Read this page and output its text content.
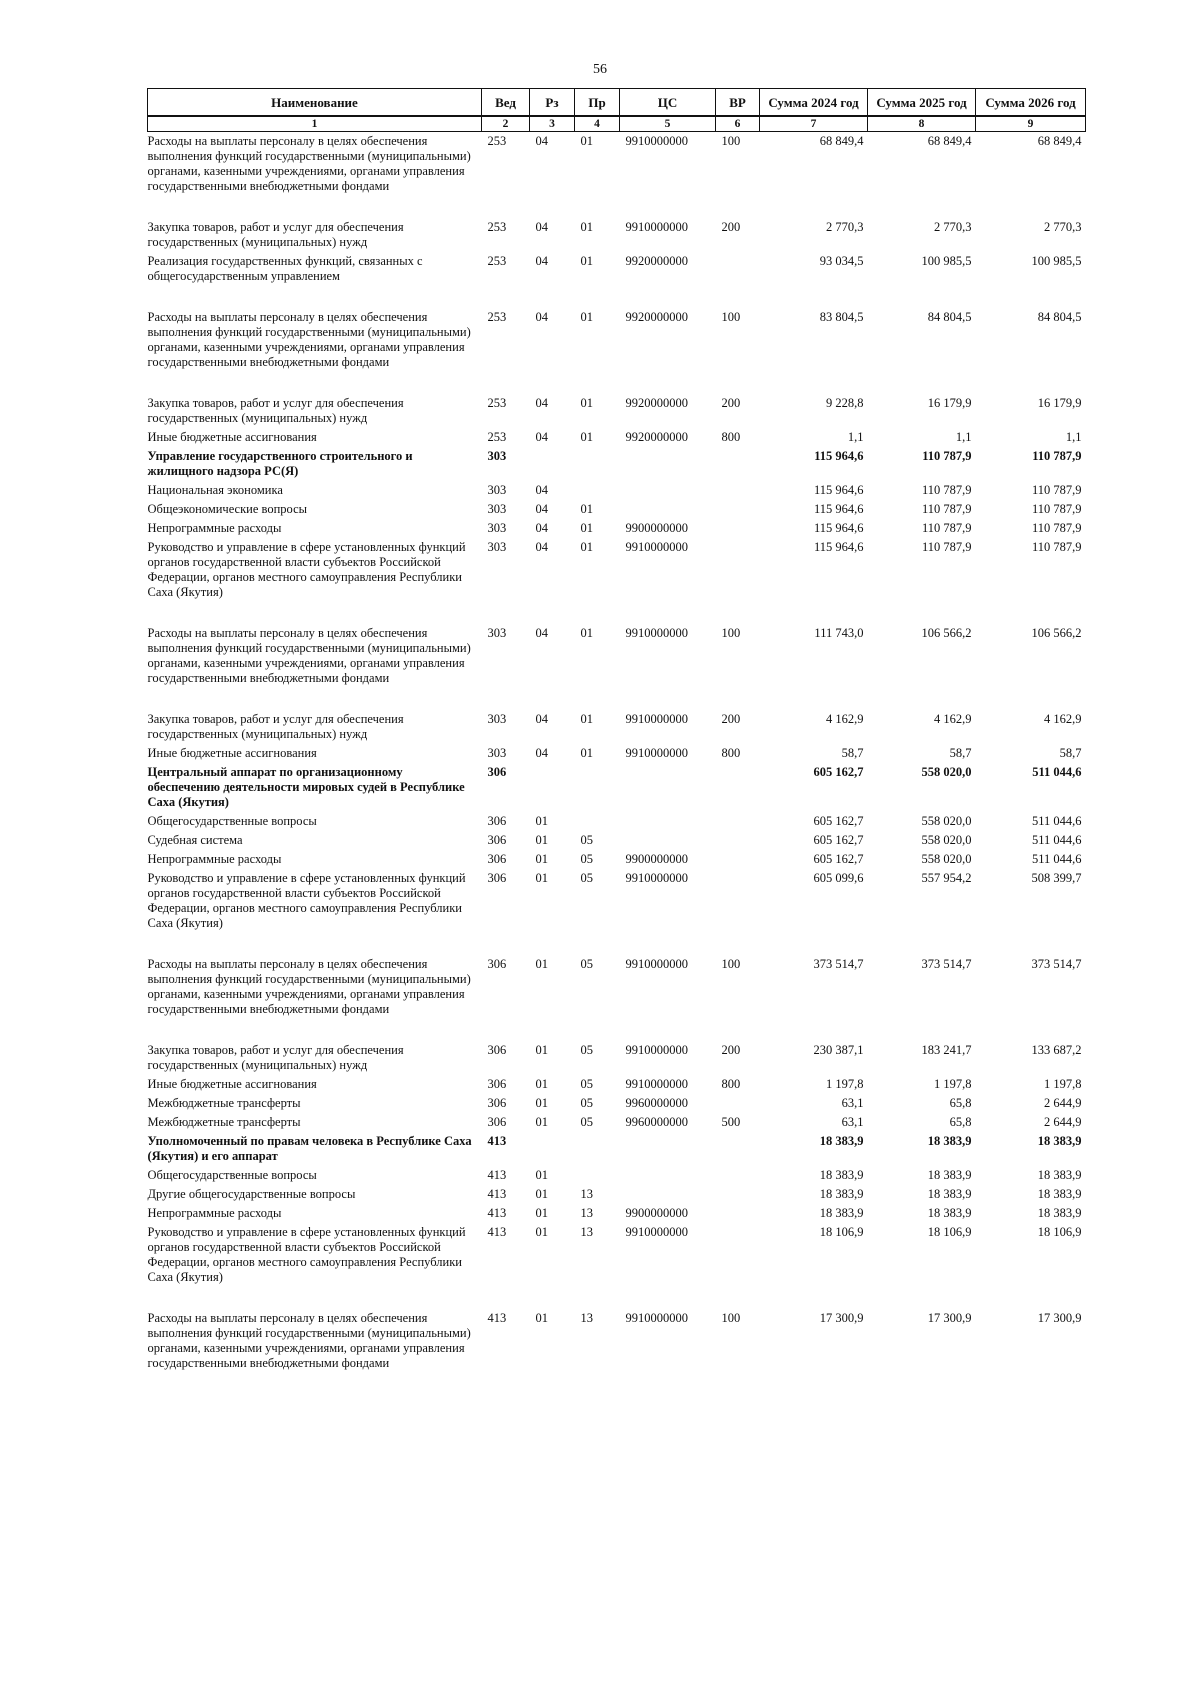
56
Наименование	Вед	Рз	Пр	ЦС	ВР	Сумма 2024 год	Сумма 2025 год	Сумма 2026 год
1	2	3	4	5	6	7	8	9
Расходы на выплаты персоналу в целях обеспечения выполнения функций государственными (муниципальными) органами, казенными учреждениями, органами управления государственными внебюджетными фондами	253	04	01	9910000000	100	68 849,4	68 849,4	68 849,4
Закупка товаров, работ и услуг для обеспечения государственных (муниципальных) нужд	253	04	01	9910000000	200	2 770,3	2 770,3	2 770,3
Реализация государственных функций, связанных с общегосударственным управлением	253	04	01	9920000000		93 034,5	100 985,5	100 985,5
Расходы на выплаты персоналу в целях обеспечения выполнения функций государственными (муниципальными) органами, казенными учреждениями, органами управления государственными внебюджетными фондами	253	04	01	9920000000	100	83 804,5	84 804,5	84 804,5
Закупка товаров, работ и услуг для обеспечения государственных (муниципальных) нужд	253	04	01	9920000000	200	9 228,8	16 179,9	16 179,9
Иные бюджетные ассигнования	253	04	01	9920000000	800	1,1	1,1	1,1
Управление государственного строительного и жилищного надзора РС(Я)	303					115 964,6	110 787,9	110 787,9
Национальная экономика	303	04				115 964,6	110 787,9	110 787,9
Общеэкономические вопросы	303	04	01			115 964,6	110 787,9	110 787,9
Непрограммные расходы	303	04	01	9900000000		115 964,6	110 787,9	110 787,9
Руководство и управление в сфере установленных функций органов государственной власти субъектов Российской Федерации, органов местного самоуправления Республики Саха (Якутия)	303	04	01	9910000000		115 964,6	110 787,9	110 787,9
Расходы на выплаты персоналу в целях обеспечения выполнения функций государственными (муниципальными) органами, казенными учреждениями, органами управления государственными внебюджетными фондами	303	04	01	9910000000	100	111 743,0	106 566,2	106 566,2
Закупка товаров, работ и услуг для обеспечения государственных (муниципальных) нужд	303	04	01	9910000000	200	4 162,9	4 162,9	4 162,9
Иные бюджетные ассигнования	303	04	01	9910000000	800	58,7	58,7	58,7
Центральный аппарат по организационному обеспечению деятельности мировых судей в Республике Саха (Якутия)	306					605 162,7	558 020,0	511 044,6
Общегосударственные вопросы	306	01				605 162,7	558 020,0	511 044,6
Судебная система	306	01	05			605 162,7	558 020,0	511 044,6
Непрограммные расходы	306	01	05	9900000000		605 162,7	558 020,0	511 044,6
Руководство и управление в сфере установленных функций органов государственной власти субъектов Российской Федерации, органов местного самоуправления Республики Саха (Якутия)	306	01	05	9910000000		605 099,6	557 954,2	508 399,7
Расходы на выплаты персоналу в целях обеспечения выполнения функций государственными (муниципальными) органами, казенными учреждениями, органами управления государственными внебюджетными фондами	306	01	05	9910000000	100	373 514,7	373 514,7	373 514,7
Закупка товаров, работ и услуг для обеспечения государственных (муниципальных) нужд	306	01	05	9910000000	200	230 387,1	183 241,7	133 687,2
Иные бюджетные ассигнования	306	01	05	9910000000	800	1 197,8	1 197,8	1 197,8
Межбюджетные трансферты	306	01	05	9960000000		63,1	65,8	2 644,9
Межбюджетные трансферты	306	01	05	9960000000	500	63,1	65,8	2 644,9
Уполномоченный по правам человека в Республике Саха (Якутия) и его аппарат	413					18 383,9	18 383,9	18 383,9
Общегосударственные вопросы	413	01				18 383,9	18 383,9	18 383,9
Другие общегосударственные вопросы	413	01	13			18 383,9	18 383,9	18 383,9
Непрограммные расходы	413	01	13	9900000000		18 383,9	18 383,9	18 383,9
Руководство и управление в сфере установленных функций органов государственной власти субъектов Российской Федерации, органов местного самоуправления Республики Саха (Якутия)	413	01	13	9910000000		18 106,9	18 106,9	18 106,9
Расходы на выплаты персоналу в целях обеспечения выполнения функций государственными (муниципальными) органами, казенными учреждениями, органами управления государственными внебюджетными фондами	413	01	13	9910000000	100	17 300,9	17 300,9	17 300,9
